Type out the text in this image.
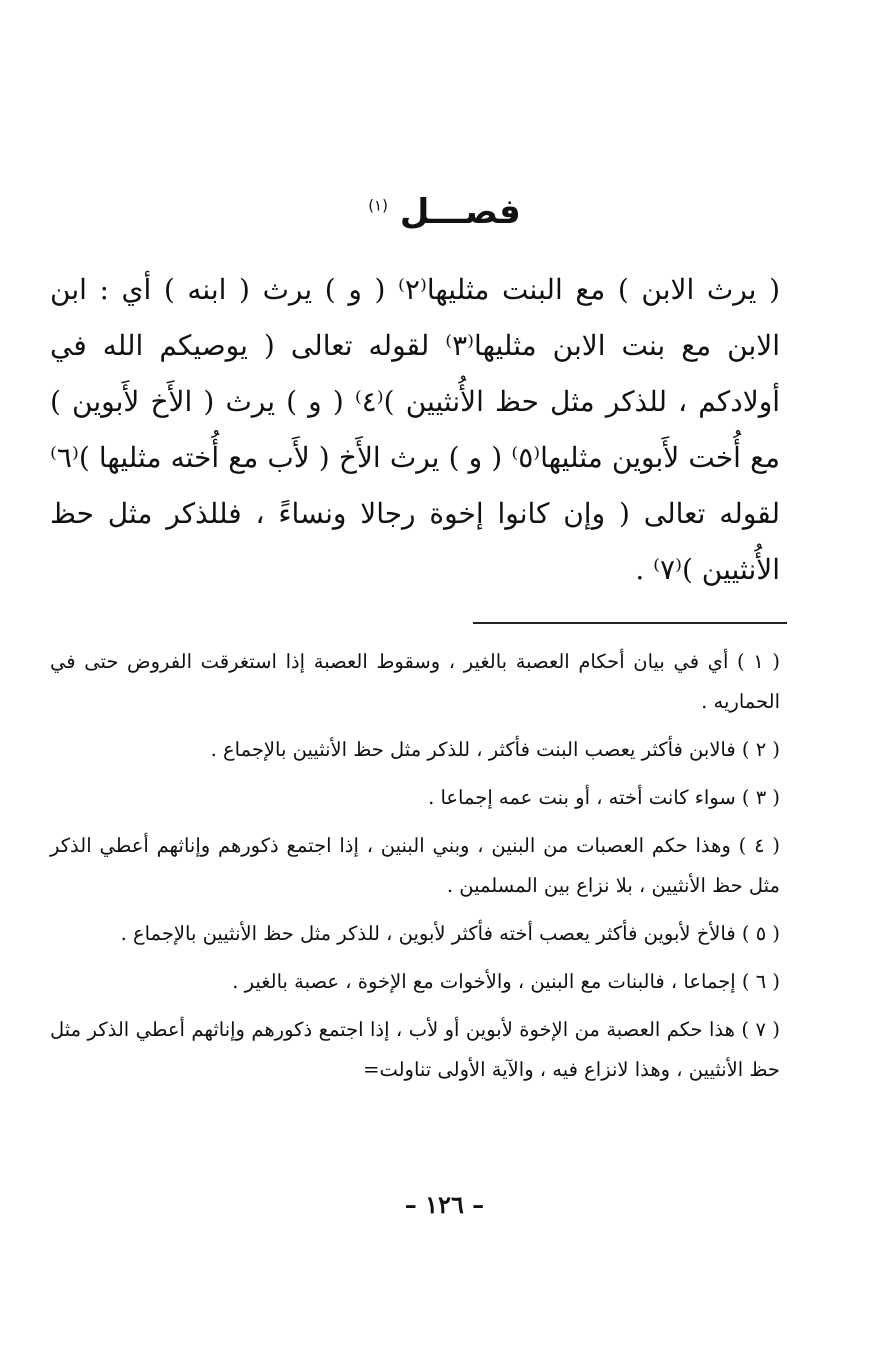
فصـــل $^{(١)}$
( يرث الابن ) مع البنت مثليها⁽٢⁾ ( و ) يرث ( ابنه ) أي : ابن الابن مع بنت الابن مثليها⁽٣⁾ لقوله تعالى ( يوصيكم الله في أولادكم ، للذكر مثل حظ الأُنثيين )⁽٤⁾ ( و ) يرث ( الأَخ لأَبوين ) مع أُخت لأَبوين مثليها⁽٥⁾ ( و ) يرث الأَخ ( لأَب مع أُخته مثليها )⁽٦⁾ لقوله تعالى ( وإن كانوا إخوة رجالا ونساءً ، فللذكر مثل حظ الأُنثيين )⁽٧⁾ .

( ١ ) أي في بيان أحكام العصبة بالغير ، وسقوط العصبة إذا استغرقت الفروض حتى في الحماريه .

( ٢ ) فالابن فأكثر يعصب البنت فأكثر ، للذكر مثل حظ الأنثيين بالإجماع .

( ٣ ) سواء كانت أخته ، أو بنت عمه إجماعا .

( ٤ ) وهذا حكم العصبات من البنين ، وبني البنين ، إذا اجتمع ذكورهم وإناثهم أعطي الذكر مثل حظ الأنثيين ، بلا نزاع بين المسلمين .

( ٥ ) فالأخ لأبوين فأكثر يعصب أخته فأكثر لأبوين ، للذكر مثل حظ الأنثيين بالإجماع .

( ٦ ) إجماعا ، فالبنات مع البنين ، والأخوات مع الإخوة ، عصبة بالغير .

( ٧ ) هذا حكم العصبة من الإخوة لأبوين أو لأب ، إذا اجتمع ذكورهم وإناثهم أعطي الذكر مثل حظ الأنثيين ، وهذا لانزاع فيه ، والآية الأولى تناولت=

– ١٢٦ –
